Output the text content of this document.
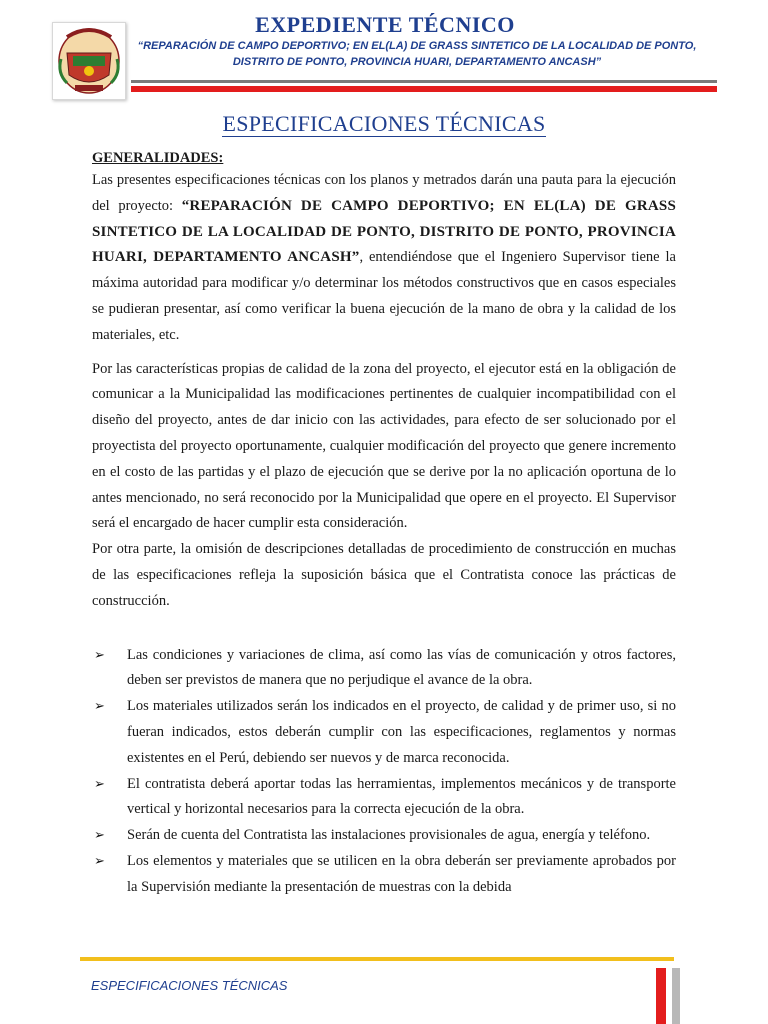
EXPEDIENTE TÉCNICO
“REPARACIÓN DE CAMPO DEPORTIVO; EN EL(LA) DE GRASS SINTETICO DE LA LOCALIDAD DE PONTO, DISTRITO DE PONTO, PROVINCIA HUARI, DEPARTAMENTO ANCASH”
ESPECIFICACIONES TÉCNICAS

GENERALIDADES:

Las presentes especificaciones técnicas con los planos y metrados darán una pauta para la ejecución del proyecto: “REPARACIÓN DE CAMPO DEPORTIVO; EN EL(LA) DE GRASS SINTETICO DE LA LOCALIDAD DE PONTO, DISTRITO DE PONTO, PROVINCIA HUARI, DEPARTAMENTO ANCASH”, entendiéndose que el Ingeniero Supervisor tiene la máxima autoridad para modificar y/o determinar los métodos constructivos que en casos especiales se pudieran presentar, así como verificar la buena ejecución de la mano de obra y la calidad de los materiales, etc.

Por las características propias de calidad de la zona del proyecto, el ejecutor está en la obligación de comunicar a la Municipalidad las modificaciones pertinentes de cualquier incompatibilidad con el diseño del proyecto, antes de dar inicio con las actividades, para efecto de ser solucionado por el proyectista del proyecto oportunamente, cualquier modificación del proyecto que genere incremento en el costo de las partidas y el plazo de ejecución que se derive por la no aplicación oportuna de lo antes mencionado, no será reconocido por la Municipalidad que opere en el proyecto. El Supervisor será el encargado de hacer cumplir esta consideración.

Por otra parte, la omisión de descripciones detalladas de procedimiento de construcción en muchas de las especificaciones refleja la suposición básica que el Contratista conoce las prácticas de construcción.

➢ Las condiciones y variaciones de clima, así como las vías de comunicación y otros factores, deben ser previstos de manera que no perjudique el avance de la obra.
➢ Los materiales utilizados serán los indicados en el proyecto, de calidad y de primer uso, si no fueran indicados, estos deberán cumplir con las especificaciones, reglamentos y normas existentes en el Perú, debiendo ser nuevos y de marca reconocida.
➢ El contratista deberá aportar todas las herramientas, implementos mecánicos y de transporte vertical y horizontal necesarios para la correcta ejecución de la obra.
➢ Serán de cuenta del Contratista las instalaciones provisionales de agua, energía y teléfono.
➢ Los elementos y materiales que se utilicen en la obra deberán ser previamente aprobados por la Supervisión mediante la presentación de muestras con la debida
ESPECIFICACIONES TÉCNICAS
